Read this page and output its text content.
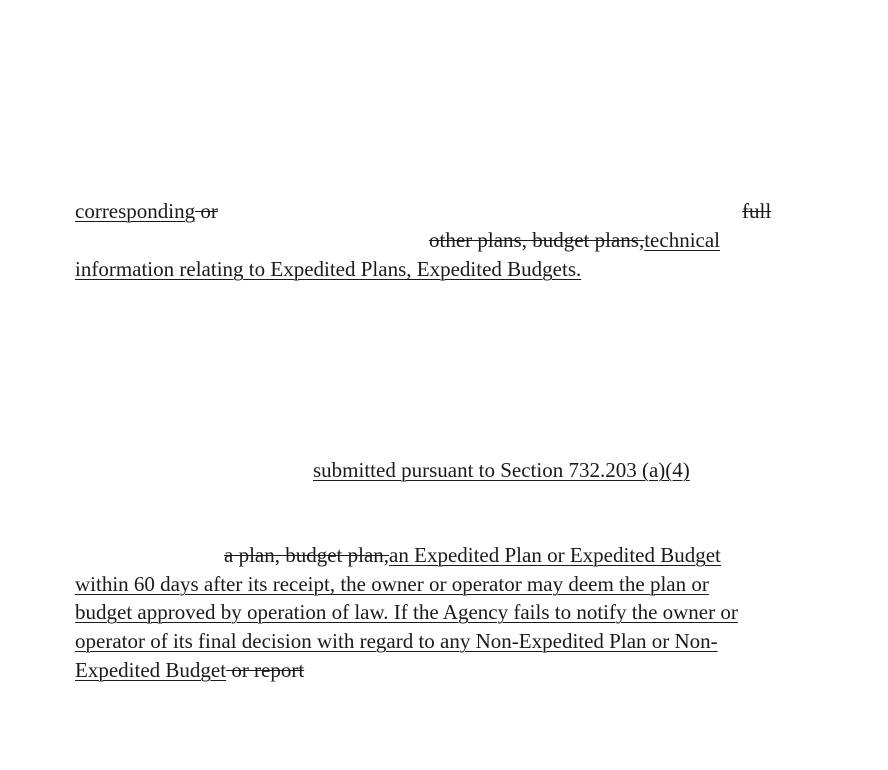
corresponding or	full
other plans, budget plans,technical
information relating to Expedited Plans, Expedited Budgets.
submitted pursuant to Section 732.203 (a)(4)
a plan, budget plan,an Expedited Plan or Expedited Budget
within 60 days after its receipt, the owner or operator may deem the plan or
budget approved by operation of law. If the Agency fails to notify the owner or
operator of its final decision with regard to any Non-Expedited Plan or Non-
Expedited Budget or report
